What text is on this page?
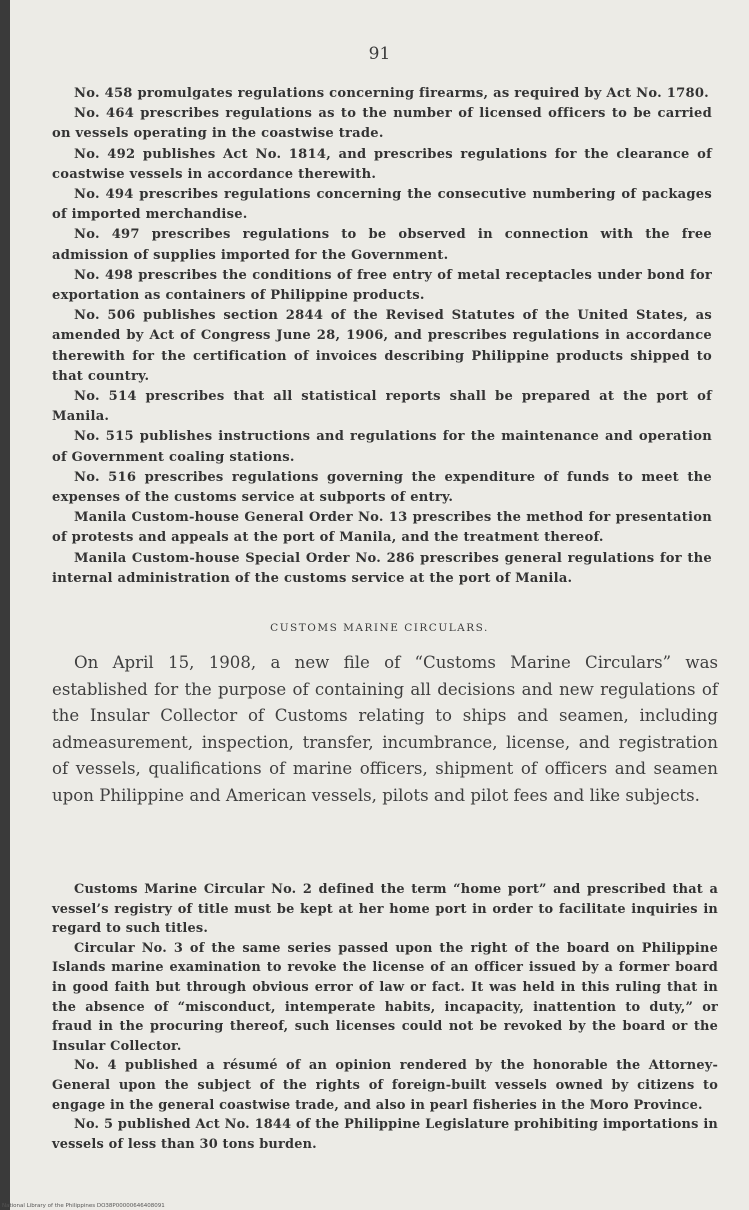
91

No. 458 promulgates regulations concerning firearms, as required by Act No. 1780.

No. 464 prescribes regulations as to the number of licensed officers to be carried on vessels operating in the coastwise trade.

No. 492 publishes Act No. 1814, and prescribes regulations for the clearance of coastwise vessels in accordance therewith.

No. 494 prescribes regulations concerning the consecutive numbering of packages of imported merchandise.

No. 497 prescribes regulations to be observed in connection with the free admission of supplies imported for the Government.

No. 498 prescribes the conditions of free entry of metal receptacles under bond for exportation as containers of Philippine products.

No. 506 publishes section 2844 of the Revised Statutes of the United States, as amended by Act of Congress June 28, 1906, and prescribes regulations in accordance therewith for the certification of invoices describing Philippine products shipped to that country.

No. 514 prescribes that all statistical reports shall be prepared at the port of Manila.

No. 515 publishes instructions and regulations for the maintenance and operation of Government coaling stations.

No. 516 prescribes regulations governing the expenditure of funds to meet the expenses of the customs service at subports of entry.

Manila Custom-house General Order No. 13 prescribes the method for presentation of protests and appeals at the port of Manila, and the treatment thereof.

Manila Custom-house Special Order No. 286 prescribes general regulations for the internal administration of the customs service at the port of Manila.

CUSTOMS MARINE CIRCULARS.

On April 15, 1908, a new file of “Customs Marine Circulars” was established for the purpose of containing all decisions and new regulations of the Insular Collector of Customs relating to ships and seamen, including admeasurement, inspection, transfer, incumbrance, license, and registration of vessels, qualifications of marine officers, shipment of officers and seamen upon Philippine and American vessels, pilots and pilot fees and like subjects.

Customs Marine Circular No. 2 defined the term “home port” and prescribed that a vessel’s registry of title must be kept at her home port in order to facilitate inquiries in regard to such titles.

Circular No. 3 of the same series passed upon the right of the board on Philippine Islands marine examination to revoke the license of an officer issued by a former board in good faith but through obvious error of law or fact. It was held in this ruling that in the absence of “misconduct, intemperate habits, incapacity, inattention to duty,” or fraud in the procuring thereof, such licenses could not be revoked by the board or the Insular Collector.

No. 4 published a résumé of an opinion rendered by the honorable the Attorney-General upon the subject of the rights of foreign-built vessels owned by citizens to engage in the general coastwise trade, and also in pearl fisheries in the Moro Province.

No. 5 published Act No. 1844 of the Philippine Legislature prohibiting importations in vessels of less than 30 tons burden.

National Library of the Philippines DO38P00000646408091
